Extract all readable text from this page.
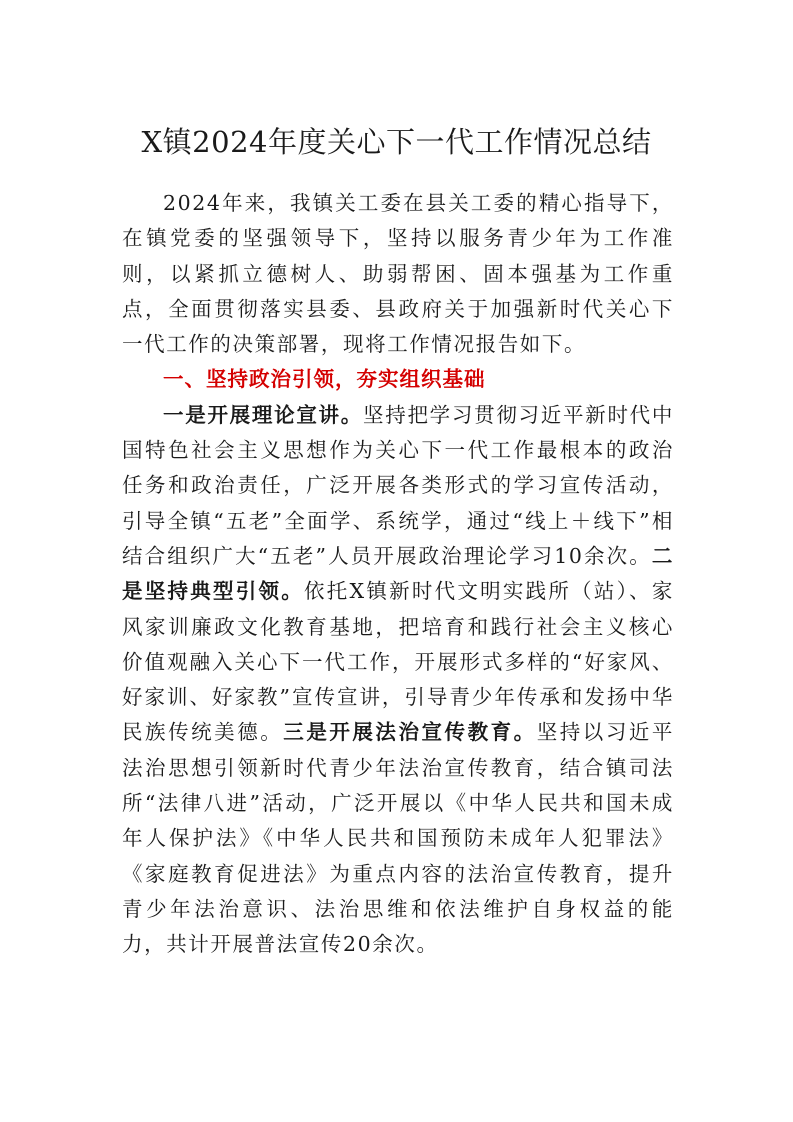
X镇2024年度关心下一代工作情况总结

2024年来，我镇关工委在县关工委的精心指导下，在镇党委的坚强领导下，坚持以服务青少年为工作准则，以紧抓立德树人、助弱帮困、固本强基为工作重点，全面贯彻落实县委、县政府关于加强新时代关心下一代工作的决策部署，现将工作情况报告如下。

一、坚持政治引领，夯实组织基础

一是开展理论宣讲。坚持把学习贯彻习近平新时代中国特色社会主义思想作为关心下一代工作最根本的政治任务和政治责任，广泛开展各类形式的学习宣传活动，引导全镇“五老”全面学、系统学，通过“线上＋线下”相结合组织广大“五老”人员开展政治理论学习10余次。二是坚持典型引领。依托X镇新时代文明实践所（站）、家风家训廉政文化教育基地，把培育和践行社会主义核心价值观融入关心下一代工作，开展形式多样的“好家风、好家训、好家教”宣传宣讲，引导青少年传承和发扬中华民族传统美德。三是开展法治宣传教育。坚持以习近平法治思想引领新时代青少年法治宣传教育，结合镇司法所“法律八进”活动，广泛开展以《中华人民共和国未成年人保护法》《中华人民共和国预防未成年人犯罪法》《家庭教育促进法》为重点内容的法治宣传教育，提升青少年法治意识、法治思维和依法维护自身权益的能力，共计开展普法宣传20余次。
